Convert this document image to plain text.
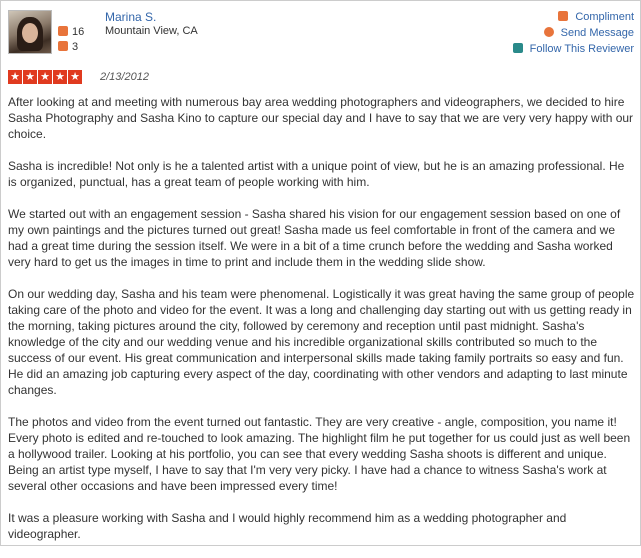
16
3
Marina S.
Mountain View, CA
Compliment
Send Message
Follow This Reviewer
★ ★ ★ ★ ★ 2/13/2012

After looking at and meeting with numerous bay area wedding photographers and videographers, we decided to hire Sasha Photography and Sasha Kino to capture our special day and I have to say that we are very very happy with our choice.

Sasha is incredible! Not only is he a talented artist with a unique point of view, but he is an amazing professional. He is organized, punctual, has a great team of people working with him.

We started out with an engagement session - Sasha shared his vision for our engagement session based on one of my own paintings and the pictures turned out great! Sasha made us feel comfortable in front of the camera and we had a great time during the session itself. We were in a bit of a time crunch before the wedding and Sasha worked very hard to get us the images in time to print and include them in the wedding slide show.

On our wedding day, Sasha and his team were phenomenal. Logistically it was great having the same group of people taking care of the photo and video for the event. It was a long and challenging day starting out with us getting ready in the morning, taking pictures around the city, followed by ceremony and reception until past midnight. Sasha's knowledge of the city and our wedding venue and his incredible organizational skills contributed so much to the success of our event. His great communication and interpersonal skills made taking family portraits so easy and fun. He did an amazing job capturing every aspect of the day, coordinating with other vendors and adapting to last minute changes.

The photos and video from the event turned out fantastic. They are very creative - angle, composition, you name it! Every photo is edited and re-touched to look amazing. The highlight film he put together for us could just as well been a hollywood trailer. Looking at his portfolio, you can see that every wedding Sasha shoots is different and unique. Being an artist type myself, I have to say that I'm very very picky. I have had a chance to witness Sasha's work at several other occasions and have been impressed every time!

It was a pleasure working with Sasha and I would highly recommend him as a wedding photographer and videographer.
